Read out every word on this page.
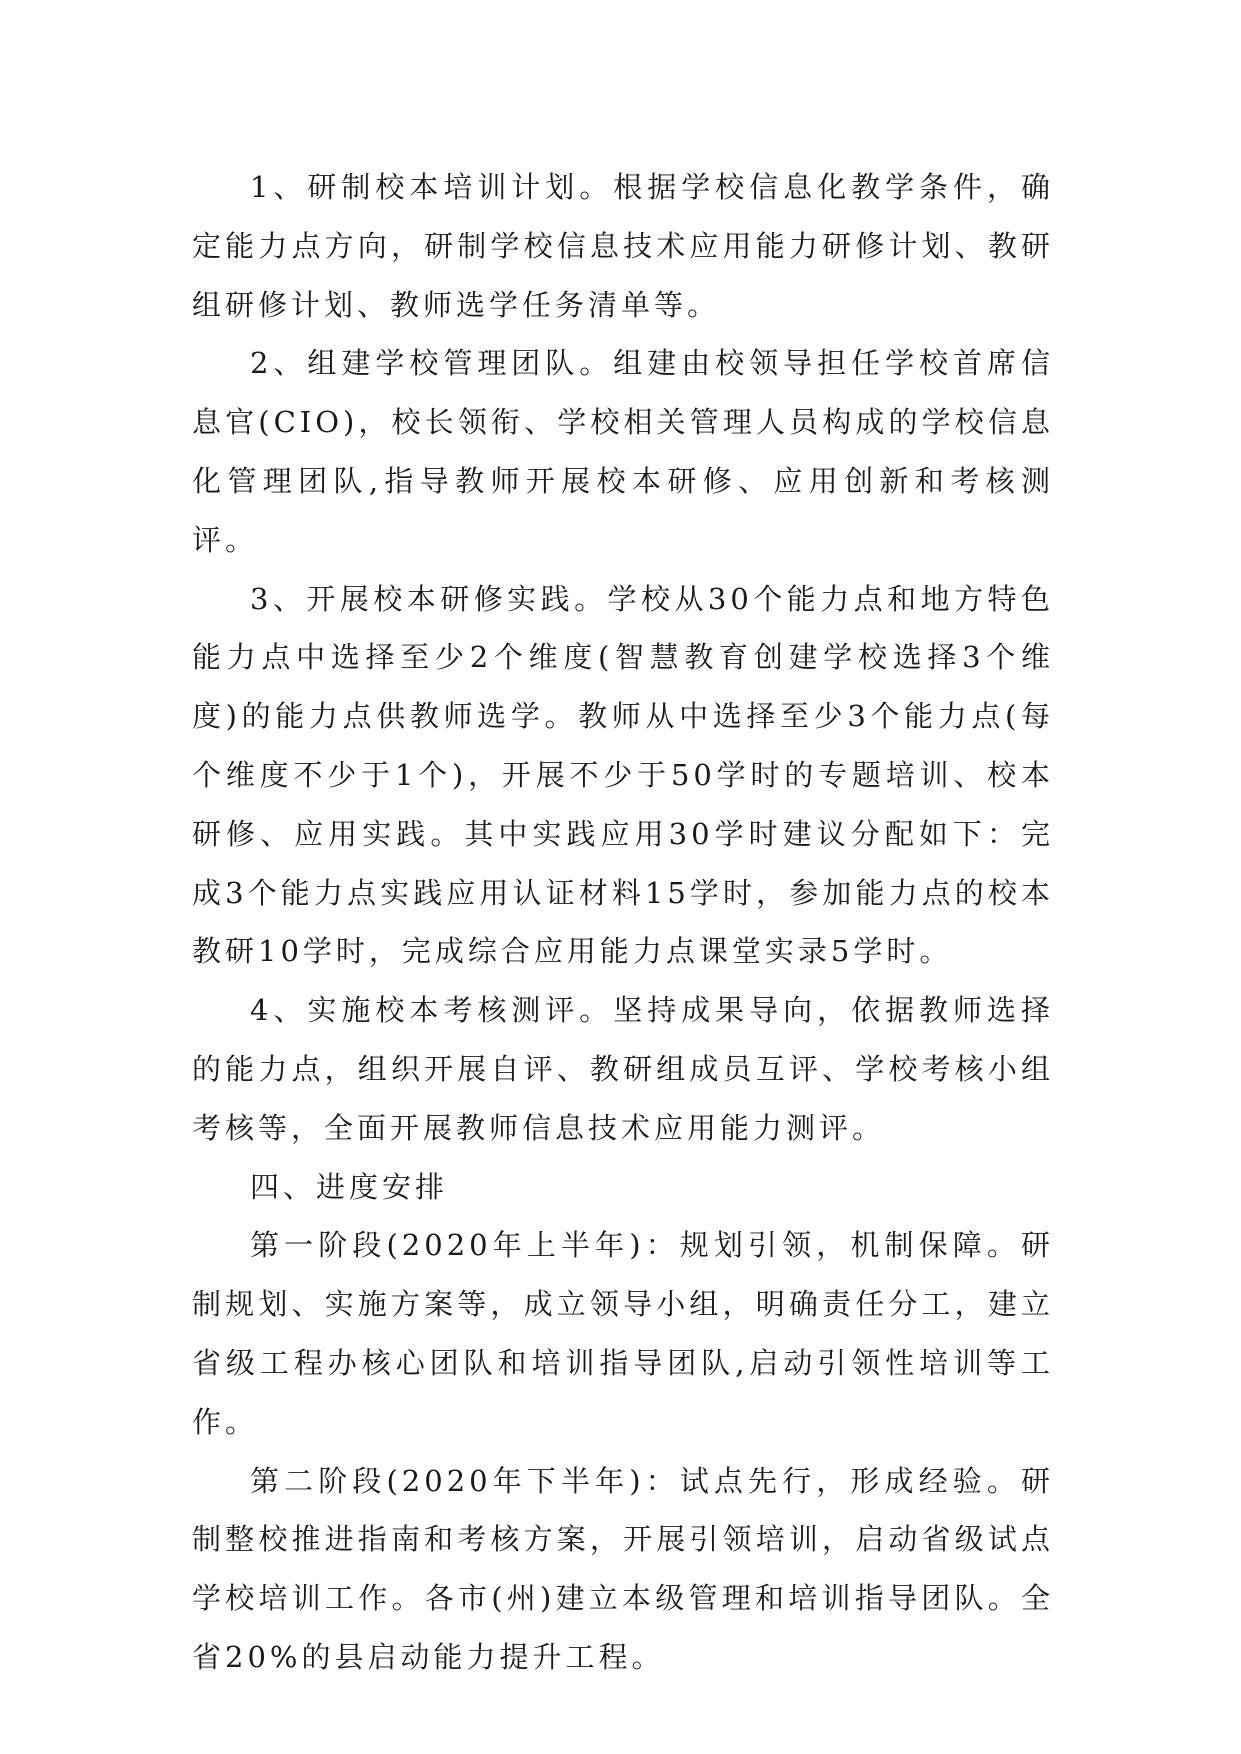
1、研制校本培训计划。根据学校信息化教学条件，确定能力点方向，研制学校信息技术应用能力研修计划、教研组研修计划、教师选学任务清单等。

2、组建学校管理团队。组建由校领导担任学校首席信息官(CIO)，校长领衔、学校相关管理人员构成的学校信息化管理团队,指导教师开展校本研修、应用创新和考核测评。

3、开展校本研修实践。学校从30个能力点和地方特色能力点中选择至少2个维度(智慧教育创建学校选择3个维度)的能力点供教师选学。教师从中选择至少3个能力点(每个维度不少于1个)，开展不少于50学时的专题培训、校本研修、应用实践。其中实践应用30学时建议分配如下：完成3个能力点实践应用认证材料15学时，参加能力点的校本教研10学时，完成综合应用能力点课堂实录5学时。

4、实施校本考核测评。坚持成果导向，依据教师选择的能力点，组织开展自评、教研组成员互评、学校考核小组考核等，全面开展教师信息技术应用能力测评。

四、进度安排

第一阶段(2020年上半年)：规划引领，机制保障。研制规划、实施方案等，成立领导小组，明确责任分工，建立省级工程办核心团队和培训指导团队,启动引领性培训等工作。

第二阶段(2020年下半年)：试点先行，形成经验。研制整校推进指南和考核方案，开展引领培训，启动省级试点学校培训工作。各市(州)建立本级管理和培训指导团队。全省20%的县启动能力提升工程。
